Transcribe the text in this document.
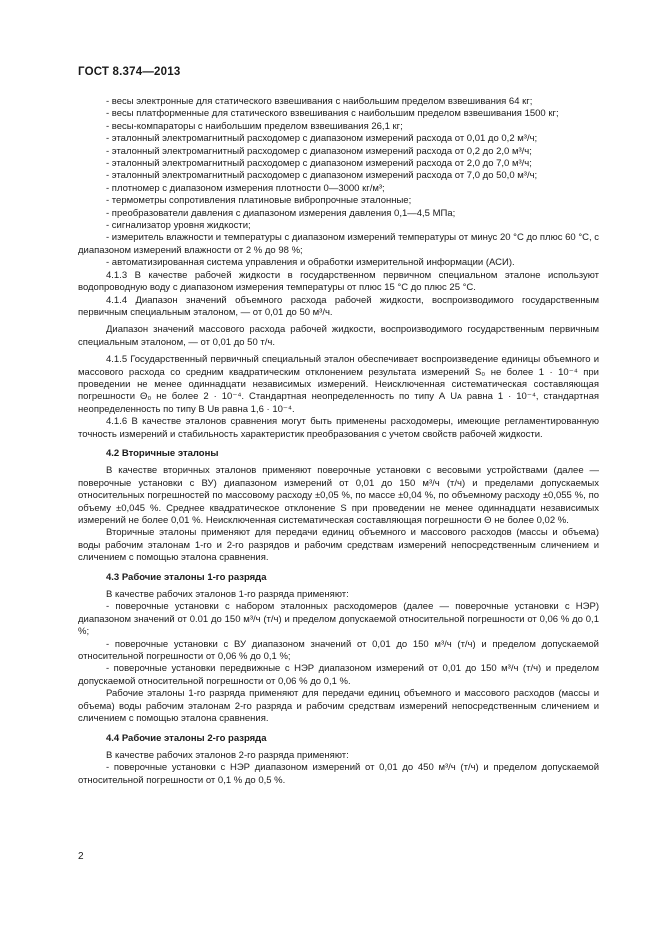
ГОСТ 8.374—2013

- весы электронные для статического взвешивания с наибольшим пределом взвешивания 64 кг;

- весы платформенные для статического взвешивания с наибольшим пределом взвешивания 1500 кг;

- весы-компараторы с наибольшим пределом взвешивания 26,1 кг;

- эталонный электромагнитный расходомер с диапазоном измерений расхода от 0,01 до 0,2 м³/ч;

- эталонный электромагнитный расходомер с диапазоном измерений расхода от 0,2 до 2,0 м³/ч;

- эталонный электромагнитный расходомер с диапазоном измерений расхода от 2,0 до 7,0 м³/ч;

- эталонный электромагнитный расходомер с диапазоном измерений расхода от 7,0 до 50,0 м³/ч;

- плотномер с диапазоном измерения плотности 0—3000 кг/м³;

- термометры сопротивления платиновые вибропрочные эталонные;

- преобразователи давления с диапазоном измерения давления 0,1—4,5 МПа;

- сигнализатор уровня жидкости;

- измеритель влажности и температуры с диапазоном измерений температуры от минус 20 °С до плюс 60 °С, с диапазоном измерений влажности от 2 % до 98 %;

- автоматизированная система управления и обработки измерительной информации (АСИ).

4.1.3 В качестве рабочей жидкости в государственном первичном специальном эталоне используют водопроводную воду с диапазоном измерения температуры от плюс 15 °С до плюс 25 °С.

4.1.4 Диапазон значений объемного расхода рабочей жидкости, воспроизводимого государственным первичным специальным эталоном, — от 0,01 до 50 м³/ч.

Диапазон значений массового расхода рабочей жидкости, воспроизводимого государственным первичным специальным эталоном, — от 0,01 до 50 т/ч.

4.1.5 Государственный первичный специальный эталон обеспечивает воспроизведение единицы объемного и массового расхода со средним квадратическим отклонением результата измерений S₀ не более 1 · 10⁻⁴ при проведении не менее одиннадцати независимых измерений. Неисключенная систематическая составляющая погрешности Θ₀ не более 2 · 10⁻⁴. Стандартная неопределенность по типу А Uᴀ равна 1 · 10⁻⁴, стандартная неопределенность по типу В Uв равна 1,6 · 10⁻⁴.

4.1.6 В качестве эталонов сравнения могут быть применены расходомеры, имеющие регламентированную точность измерений и стабильность характеристик преобразования с учетом свойств рабочей жидкости.

4.2 Вторичные эталоны

В качестве вторичных эталонов применяют поверочные установки с весовыми устройствами (далее — поверочные установки с ВУ) диапазоном измерений от 0,01 до 150 м³/ч (т/ч) и пределами допускаемых относительных погрешностей по массовому расходу ±0,05 %, по массе ±0,04 %, по объемному расходу ±0,055 %, по объему ±0,045 %. Среднее квадратическое отклонение S при проведении не менее одиннадцати независимых измерений не более 0,01 %. Неисключенная систематическая составляющая погрешности Θ не более 0,02 %.

Вторичные эталоны применяют для передачи единиц объемного и массового расходов (массы и объема) воды рабочим эталонам 1-го и 2-го разрядов и рабочим средствам измерений непосредственным сличением и сличением с помощью эталона сравнения.

4.3 Рабочие эталоны 1-го разряда

В качестве рабочих эталонов 1-го разряда применяют:

- поверочные установки с набором эталонных расходомеров (далее — поверочные установки с НЭР) диапазоном значений от 0.01 до 150 м³/ч (т/ч) и пределом допускаемой относительной погрешности от 0,06 % до 0,1 %;

- поверочные установки с ВУ диапазоном значений от 0,01 до 150 м³/ч (т/ч) и пределом допускаемой относительной погрешности от 0,06 % до 0,1 %;

- поверочные установки передвижные с НЭР диапазоном измерений от 0,01 до 150 м³/ч (т/ч) и пределом допускаемой относительной погрешности от 0,06 % до 0,1 %.

Рабочие эталоны 1-го разряда применяют для передачи единиц объемного и массового расходов (массы и объема) воды рабочим эталонам 2-го разряда и рабочим средствам измерений непосредственным сличением и сличением с помощью эталона сравнения.

4.4 Рабочие эталоны 2-го разряда

В качестве рабочих эталонов 2-го разряда применяют:

- поверочные установки с НЭР диапазоном измерений от 0,01 до 450 м³/ч (т/ч) и пределом допускаемой относительной погрешности от 0,1 % до 0,5 %.

2
